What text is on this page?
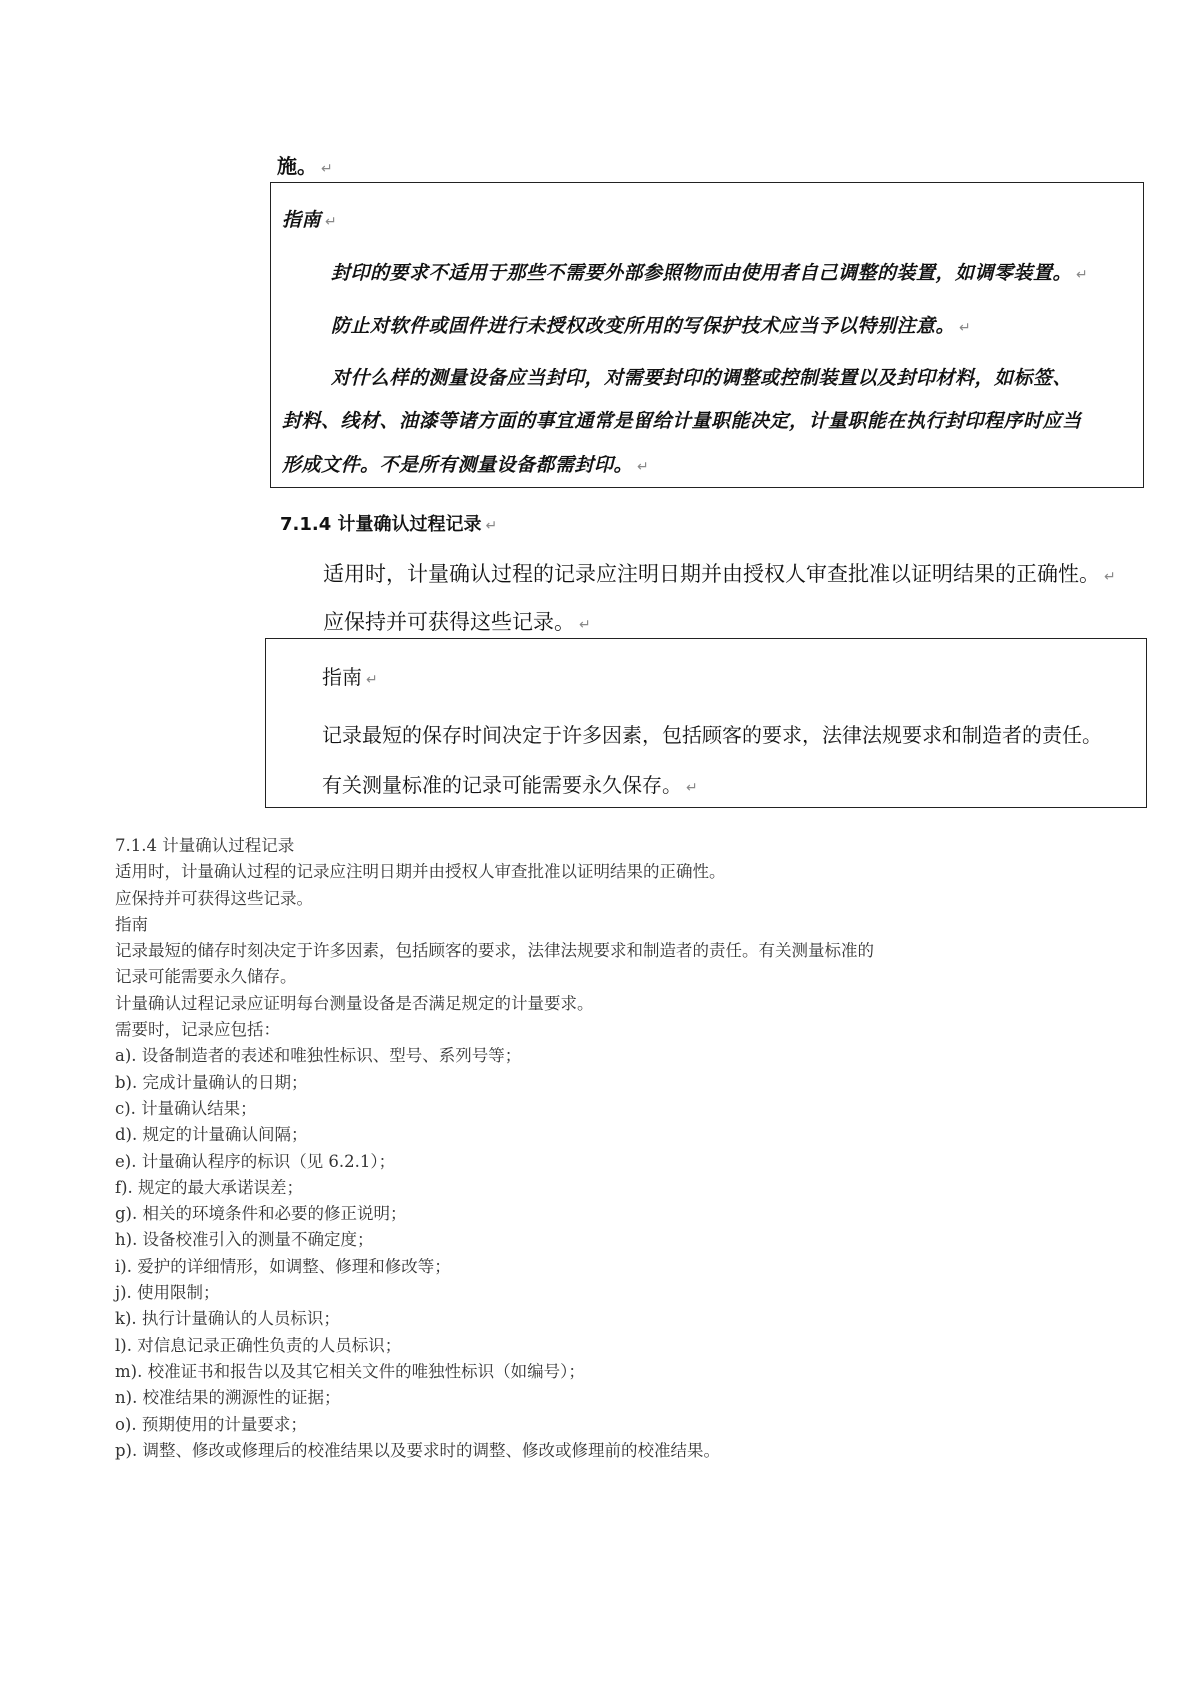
施。 ↵
指南 ↵
封印的要求不适用于那些不需要外部参照物而由使用者自己调整的装置，如调零装置。 ↵
防止对软件或固件进行未授权改变所用的写保护技术应当予以特别注意。 ↵
对什么样的测量设备应当封印，对需要封印的调整或控制装置以及封印材料，如标签、
封料、线材、油漆等诸方面的事宜通常是留给计量职能决定，计量职能在执行封印程序时应当
形成文件。不是所有测量设备都需封印。 ↵
7.1.4 计量确认过程记录 ↵
适用时，计量确认过程的记录应注明日期并由授权人审查批准以证明结果的正确性。 ↵
应保持并可获得这些记录。 ↵
指南 ↵
记录最短的保存时间决定于许多因素，包括顾客的要求，法律法规要求和制造者的责任。
有关测量标准的记录可能需要永久保存。 ↵
7.1.4 计量确认过程记录
适用时，计量确认过程的记录应注明日期并由授权人审查批准以证明结果的正确性。
应保持并可获得这些记录。
指南
记录最短的储存时刻决定于许多因素，包括顾客的要求，法律法规要求和制造者的责任。有关测量标准的
记录可能需要永久储存。
计量确认过程记录应证明每台测量设备是否满足规定的计量要求。
需要时，记录应包括：
a). 设备制造者的表述和唯独性标识、型号、系列号等；
b). 完成计量确认的日期；
c). 计量确认结果；
d). 规定的计量确认间隔；
e). 计量确认程序的标识（见 6.2.1）；
f). 规定的最大承诺误差；
g). 相关的环境条件和必要的修正说明；
h). 设备校准引入的测量不确定度；
i). 爱护的详细情形，如调整、修理和修改等；
j). 使用限制；
k). 执行计量确认的人员标识；
l). 对信息记录正确性负责的人员标识；
m). 校准证书和报告以及其它相关文件的唯独性标识（如编号）；
n). 校准结果的溯源性的证据；
o). 预期使用的计量要求；
p). 调整、修改或修理后的校准结果以及要求时的调整、修改或修理前的校准结果。
